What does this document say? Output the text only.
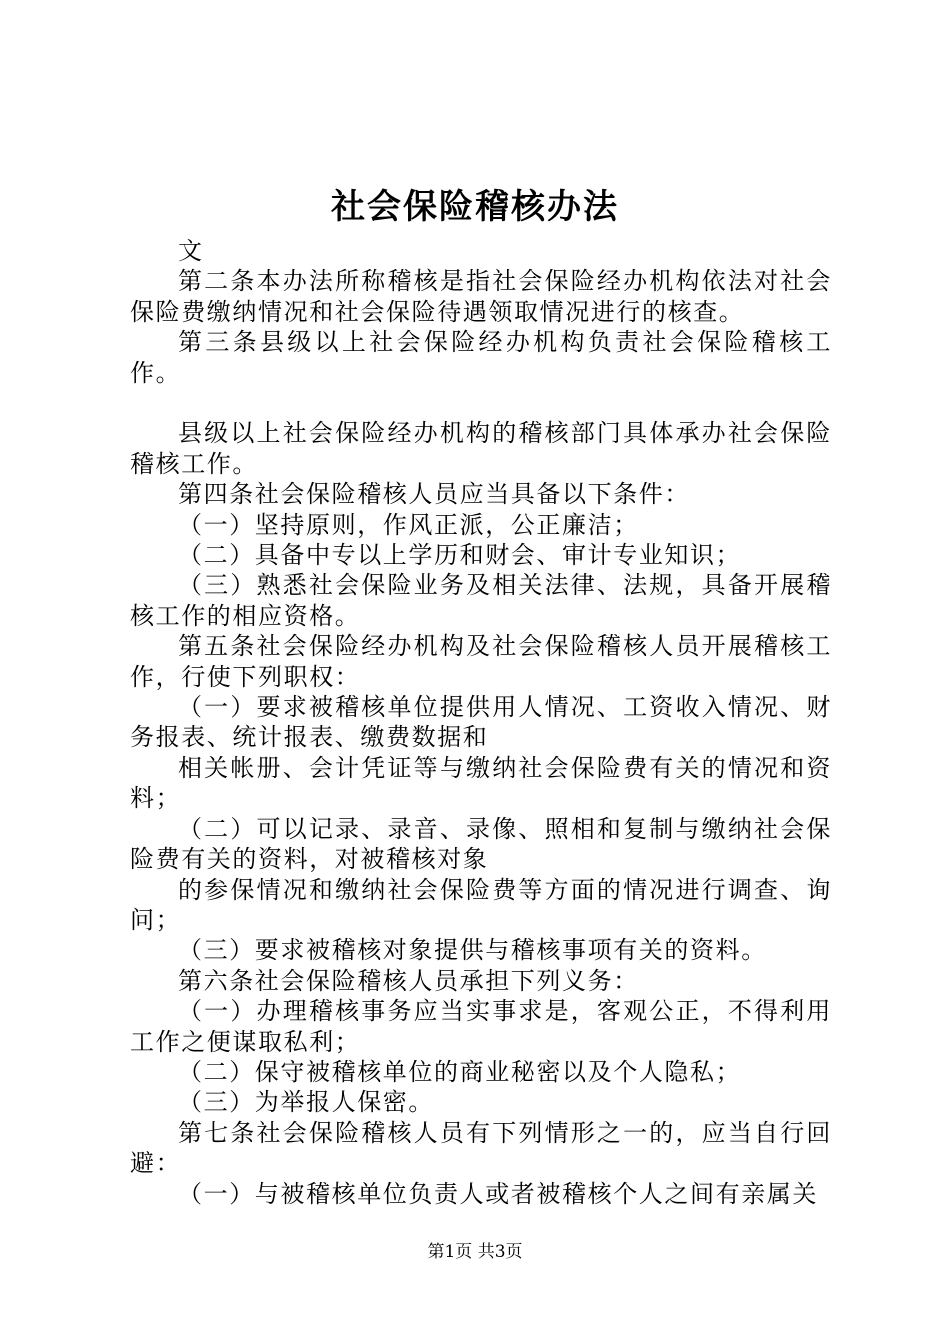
社会保险稽核办法

文

第二条本办法所称稽核是指社会保险经办机构依法对社会保险费缴纳情况和社会保险待遇领取情况进行的核查。

第三条县级以上社会保险经办机构负责社会保险稽核工作。

县级以上社会保险经办机构的稽核部门具体承办社会保险稽核工作。

第四条社会保险稽核人员应当具备以下条件：

（一）坚持原则，作风正派，公正廉洁；

（二）具备中专以上学历和财会、审计专业知识；

（三）熟悉社会保险业务及相关法律、法规，具备开展稽核工作的相应资格。

第五条社会保险经办机构及社会保险稽核人员开展稽核工作，行使下列职权：

（一）要求被稽核单位提供用人情况、工资收入情况、财务报表、统计报表、缴费数据和

相关帐册、会计凭证等与缴纳社会保险费有关的情况和资料；

（二）可以记录、录音、录像、照相和复制与缴纳社会保险费有关的资料，对被稽核对象

的参保情况和缴纳社会保险费等方面的情况进行调查、询问；

（三）要求被稽核对象提供与稽核事项有关的资料。

第六条社会保险稽核人员承担下列义务：

（一）办理稽核事务应当实事求是，客观公正，不得利用工作之便谋取私利；

（二）保守被稽核单位的商业秘密以及个人隐私；

（三）为举报人保密。

第七条社会保险稽核人员有下列情形之一的，应当自行回避：

（一）与被稽核单位负责人或者被稽核个人之间有亲属关

第1页 共3页
